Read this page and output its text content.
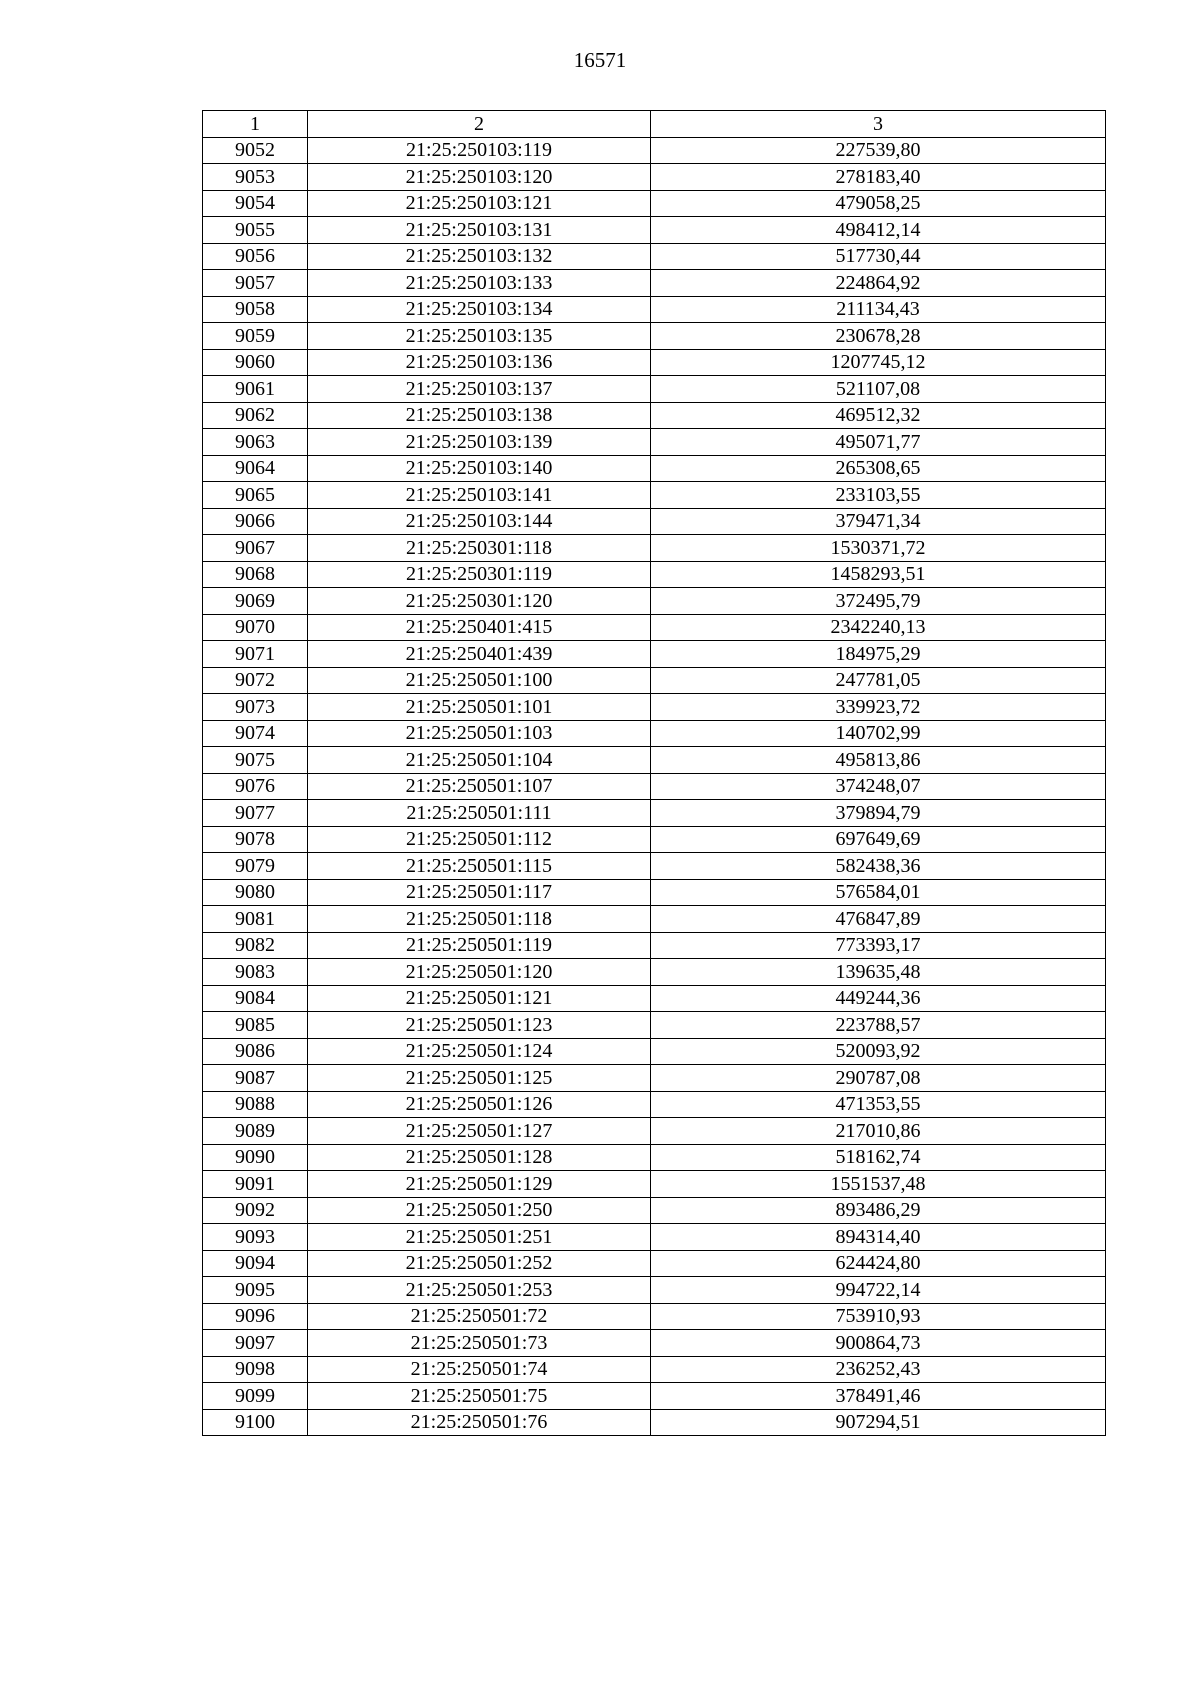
16571
1	2	3
9052	21:25:250103:119	227539,80
9053	21:25:250103:120	278183,40
9054	21:25:250103:121	479058,25
9055	21:25:250103:131	498412,14
9056	21:25:250103:132	517730,44
9057	21:25:250103:133	224864,92
9058	21:25:250103:134	211134,43
9059	21:25:250103:135	230678,28
9060	21:25:250103:136	1207745,12
9061	21:25:250103:137	521107,08
9062	21:25:250103:138	469512,32
9063	21:25:250103:139	495071,77
9064	21:25:250103:140	265308,65
9065	21:25:250103:141	233103,55
9066	21:25:250103:144	379471,34
9067	21:25:250301:118	1530371,72
9068	21:25:250301:119	1458293,51
9069	21:25:250301:120	372495,79
9070	21:25:250401:415	2342240,13
9071	21:25:250401:439	184975,29
9072	21:25:250501:100	247781,05
9073	21:25:250501:101	339923,72
9074	21:25:250501:103	140702,99
9075	21:25:250501:104	495813,86
9076	21:25:250501:107	374248,07
9077	21:25:250501:111	379894,79
9078	21:25:250501:112	697649,69
9079	21:25:250501:115	582438,36
9080	21:25:250501:117	576584,01
9081	21:25:250501:118	476847,89
9082	21:25:250501:119	773393,17
9083	21:25:250501:120	139635,48
9084	21:25:250501:121	449244,36
9085	21:25:250501:123	223788,57
9086	21:25:250501:124	520093,92
9087	21:25:250501:125	290787,08
9088	21:25:250501:126	471353,55
9089	21:25:250501:127	217010,86
9090	21:25:250501:128	518162,74
9091	21:25:250501:129	1551537,48
9092	21:25:250501:250	893486,29
9093	21:25:250501:251	894314,40
9094	21:25:250501:252	624424,80
9095	21:25:250501:253	994722,14
9096	21:25:250501:72	753910,93
9097	21:25:250501:73	900864,73
9098	21:25:250501:74	236252,43
9099	21:25:250501:75	378491,46
9100	21:25:250501:76	907294,51
